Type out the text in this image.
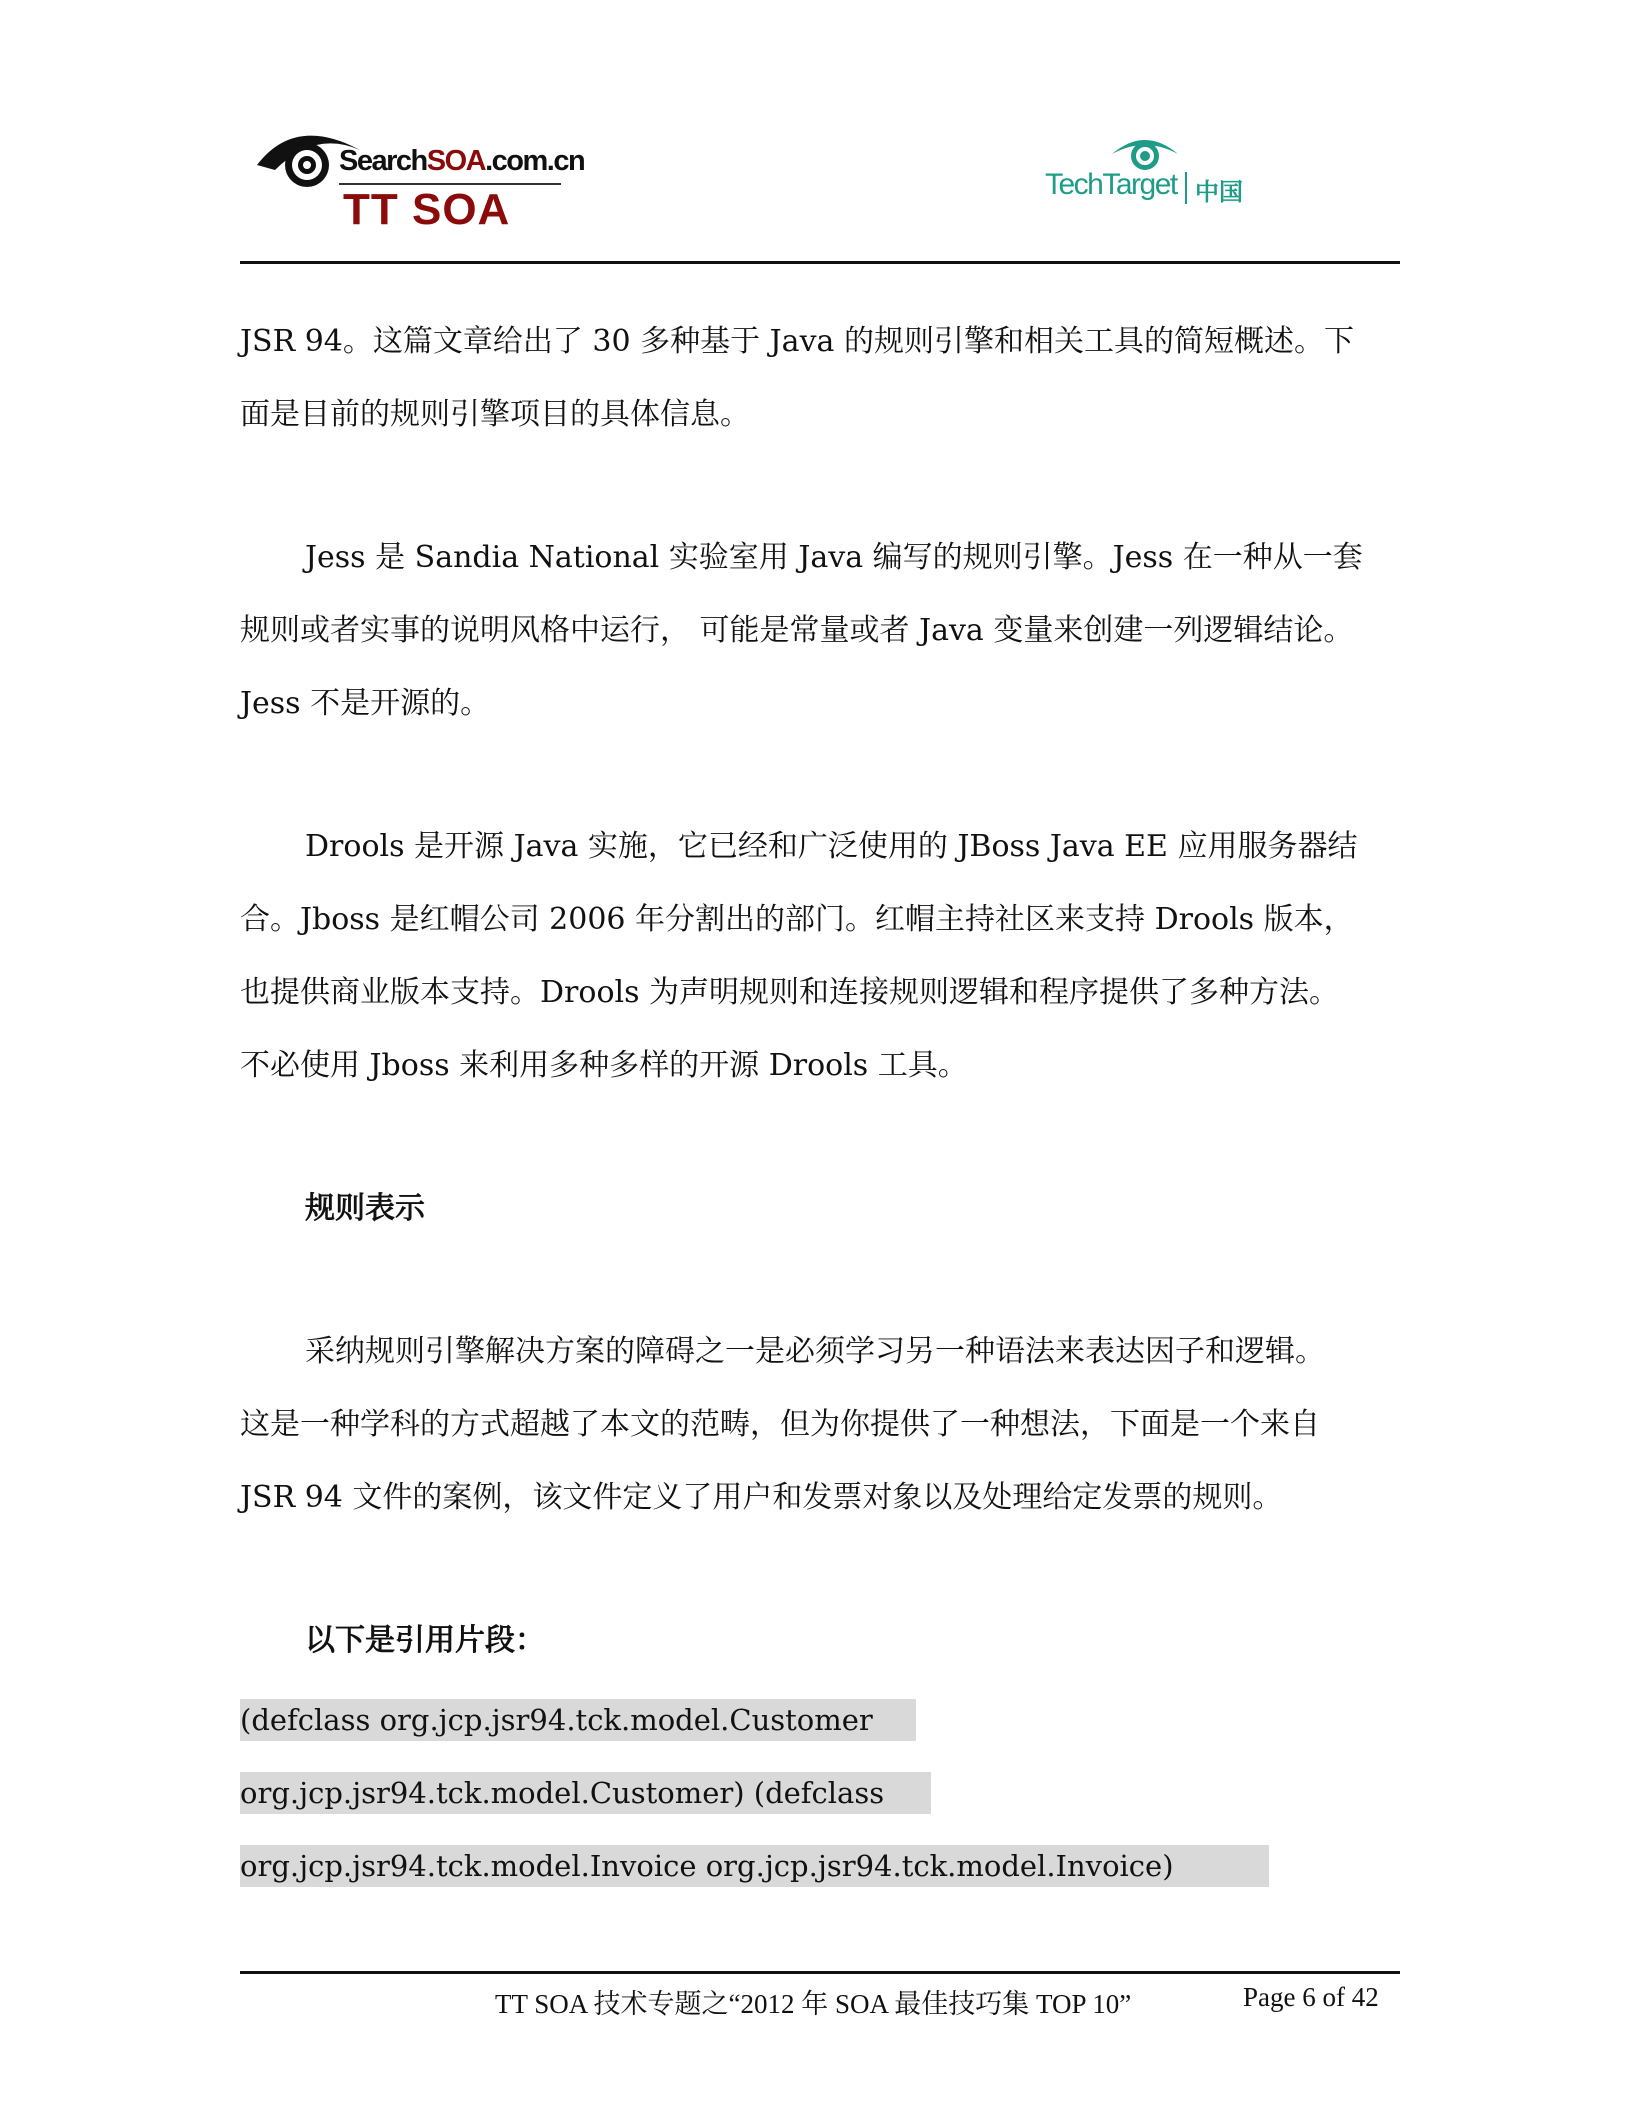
SearchSOA.com.cn
TT SOA
TechTarget 中国
JSR 94。这篇文章给出了 30 多种基于 Java 的规则引擎和相关工具的简短概述。下
面是目前的规则引擎项目的具体信息。
Jess 是 Sandia National 实验室用 Java 编写的规则引擎。Jess 在一种从一套
规则或者实事的说明风格中运行， 可能是常量或者 Java 变量来创建一列逻辑结论。
Jess 不是开源的。
Drools 是开源 Java 实施，它已经和广泛使用的 JBoss Java EE 应用服务器结
合。Jboss 是红帽公司 2006 年分割出的部门。红帽主持社区来支持 Drools 版本，
也提供商业版本支持。Drools 为声明规则和连接规则逻辑和程序提供了多种方法。
不必使用 Jboss 来利用多种多样的开源 Drools 工具。
规则表示
采纳规则引擎解决方案的障碍之一是必须学习另一种语法来表达因子和逻辑。
这是一种学科的方式超越了本文的范畴，但为你提供了一种想法，下面是一个来自
JSR 94 文件的案例，该文件定义了用户和发票对象以及处理给定发票的规则。
以下是引用片段：
(defclass org.jcp.jsr94.tck.model.Customer
org.jcp.jsr94.tck.model.Customer) (defclass
org.jcp.jsr94.tck.model.Invoice org.jcp.jsr94.tck.model.Invoice)
TT SOA 技术专题之“2012 年 SOA 最佳技巧集 TOP 10”	Page 6 of 42
